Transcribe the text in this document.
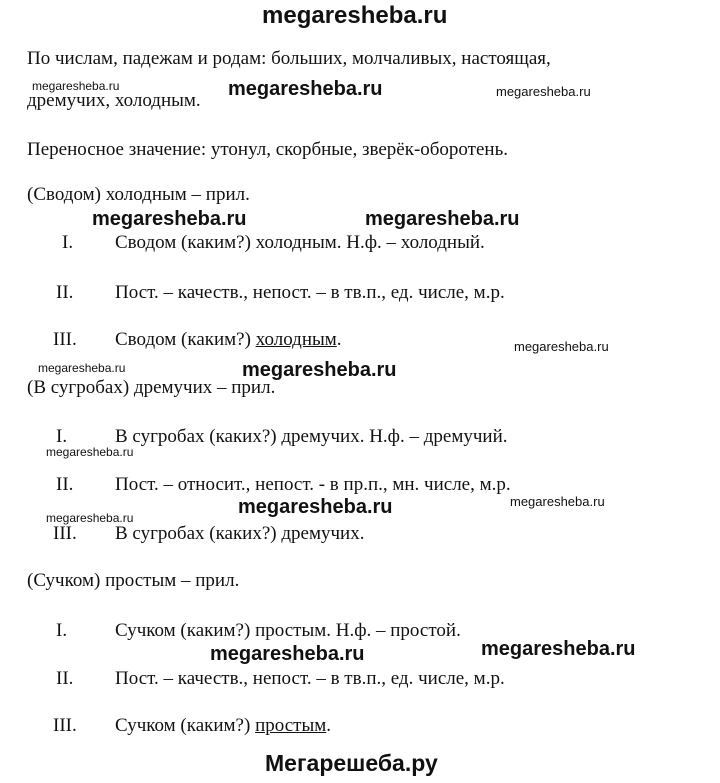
megaresheba.ru
По числам, падежам и родам: больших, молчаливых, настоящая,
дремучих, холодным.
megaresheba.ru	megaresheba.ru	megaresheba.ru
Переносное значение: утонул, скорбные, зверёк-оборотень.
(Сводом) холодным – прил.
megaresheba.ru	megaresheba.ru
I. Сводом (каким?) холодным. Н.ф. – холодный.
II. Пост. – качеств., непост. – в тв.п., ед. числе, м.р.
III. Сводом (каким?) холодным.	megaresheba.ru
megaresheba.ru	megaresheba.ru
(В сугробах) дремучих – прил.
I.	В сугробах (каких?) дремучих. Н.ф. – дремучий.
megaresheba.ru
II. Пост. – относит., непост. - в пр.п., мн. числе, м.р.
megaresheba.ru
megaresheba.ru
megaresheba.ru
III. В сугробах (каких?) дремучих.
(Сучком) простым – прил.
I.	Сучком (каким?) простым. Н.ф. – простой.
megaresheba.ru	megaresheba.ru
II. Пост. – качеств., непост. – в тв.п., ед. числе, м.р.
III. Сучком (каким?) простым.
Мегарешеба.ру
